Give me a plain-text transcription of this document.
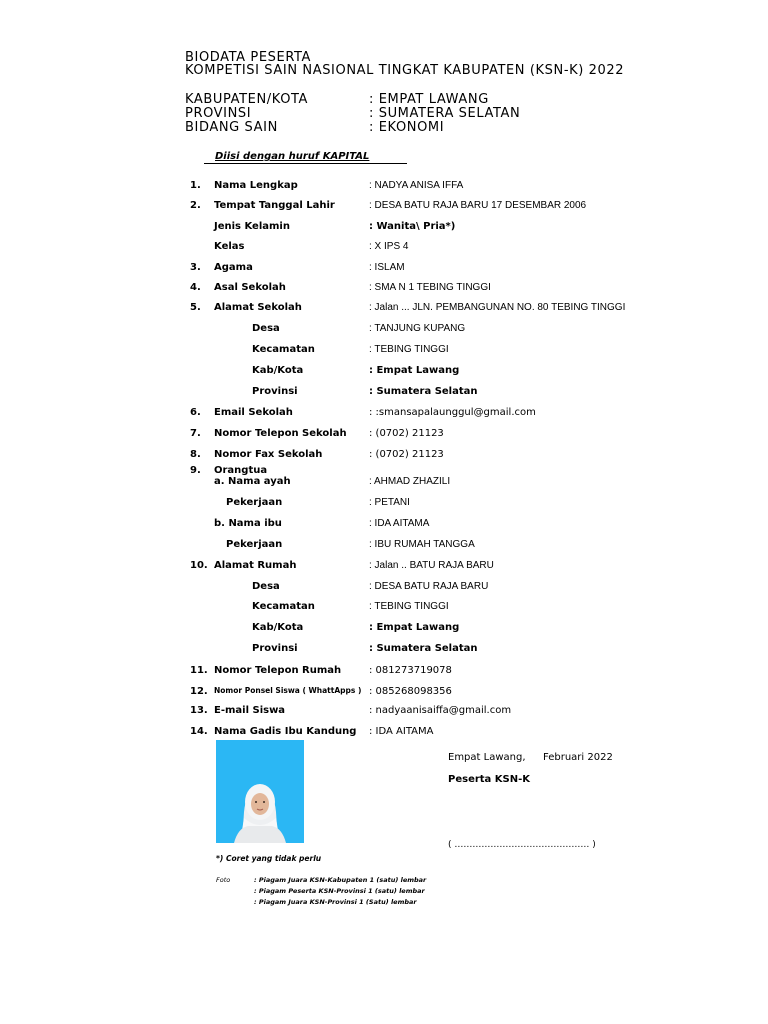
BIODATA PESERTA
KOMPETISI SAIN NASIONAL TINGKAT KABUPATEN (KSN-K) 2022
KABUPATEN/KOTA	: EMPAT LAWANG
PROVINSI	: SUMATERA SELATAN
BIDANG SAIN	: EKONOMI
Diisi dengan huruf KAPITAL
1. Nama Lengkap	: NADYA ANISA IFFA
2. Tempat Tanggal Lahir	: DESA BATU RAJA BARU 17 DESEMBAR 2006
Jenis Kelamin	: Wanita\ Pria*)
Kelas	: X IPS 4
3. Agama	: ISLAM
4. Asal Sekolah	: SMA N 1 TEBING TINGGI
5. Alamat Sekolah	: Jalan ... JLN. PEMBANGUNAN NO. 80 TEBING TINGGI
Desa	: TANJUNG KUPANG
Kecamatan	: TEBING TINGGI
Kab/Kota	: Empat Lawang
Provinsi	: Sumatera Selatan
6. Email Sekolah	: :smansapalaunggul@gmail.com
7. Nomor Telepon Sekolah : (0702) 21123
8. Nomor Fax Sekolah	: (0702) 21123
9. Orangtua
a. Nama ayah	: AHMAD ZHAZILI
Pekerjaan	: PETANI
b. Nama ibu	: IDA AITAMA
Pekerjaan	: IBU RUMAH TANGGA
10. Alamat Rumah	: Jalan .. BATU RAJA BARU
Desa	: DESA BATU RAJA BARU
Kecamatan	: TEBING TINGGI
Kab/Kota	: Empat Lawang
Provinsi	: Sumatera Selatan
11. Nomor Telepon Rumah	: 081273719078
12. Nomor Ponsel Siswa ( WhattApps ) : 085268098356
13. E-mail Siswa	: nadyaanisaiffa@gmail.com
14. Nama Gadis Ibu Kandung : IDA AITAMA
Empat Lawang, Februari 2022
Peserta KSN-K
( ……………………………………… )
*) Coret yang tidak perlu
Foto	: Piagam Juara KSN-Kabupaten 1 (satu) lembar
: Piagam Peserta KSN-Provinsi 1 (satu) lembar
: Piagam Juara KSN-Provinsi 1 (Satu) lembar
